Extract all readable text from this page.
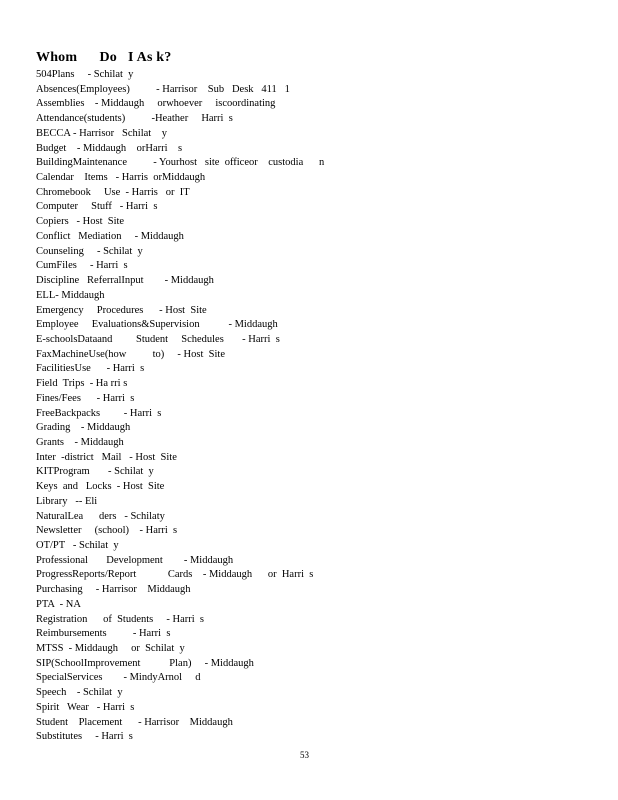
Whom      Do   I As k?
504Plans     - Schilat  y
Absences(Employees)          - Harrisor    Sub   Desk   411   1
Assemblies    - Middaugh     orwhoever     iscoordinating
Attendance(students)          -Heather     Harri  s
BECCA - Harrisor   Schilat    y
Budget    - Middaugh    orHarri    s
BuildingMaintenance          - Yourhost   site  officeor    custodia      n
Calendar    Items   - Harris  orMiddaugh
Chromebook     Use  - Harris   or  IT
Computer     Stuff   - Harri  s
Copiers   - Host  Site
Conflict   Mediation     - Middaugh
Counseling     - Schilat  y
CumFiles     - Harri  s
Discipline   ReferralInput        - Middaugh
ELL- Middaugh
Emergency     Procedures      - Host  Site
Employee     Evaluations&Supervision           - Middaugh
E-schoolsDataand         Student     Schedules       - Harri  s
FaxMachineUse(how          to)     - Host  Site
FacilitiesUse      - Harri  s
Field  Trips  - Ha rri s
Fines/Fees      - Harri  s
FreeBackpacks         - Harri  s
Grading    - Middaugh
Grants    - Middaugh
Inter  -district   Mail   - Host  Site
KITProgram       - Schilat  y
Keys  and   Locks  - Host  Site
Library   -- Eli
NaturalLea      ders   - Schilaty
Newsletter     (school)    - Harri  s
OT/PT   - Schilat  y
Professional       Development        - Middaugh
ProgressReports/Report            Cards    - Middaugh      or  Harri  s
Purchasing     - Harrisor    Middaugh
PTA  - NA
Registration      of  Students     - Harri  s
Reimbursements          - Harri  s
MTSS  - Middaugh     or  Schilat  y
SIP(SchoolImprovement           Plan)     - Middaugh
SpecialServices        - MindyArnol     d
Speech    - Schilat  y
Spirit   Wear   - Harri  s
Student    Placement      - Harrisor    Middaugh
Substitutes     - Harri  s
53
